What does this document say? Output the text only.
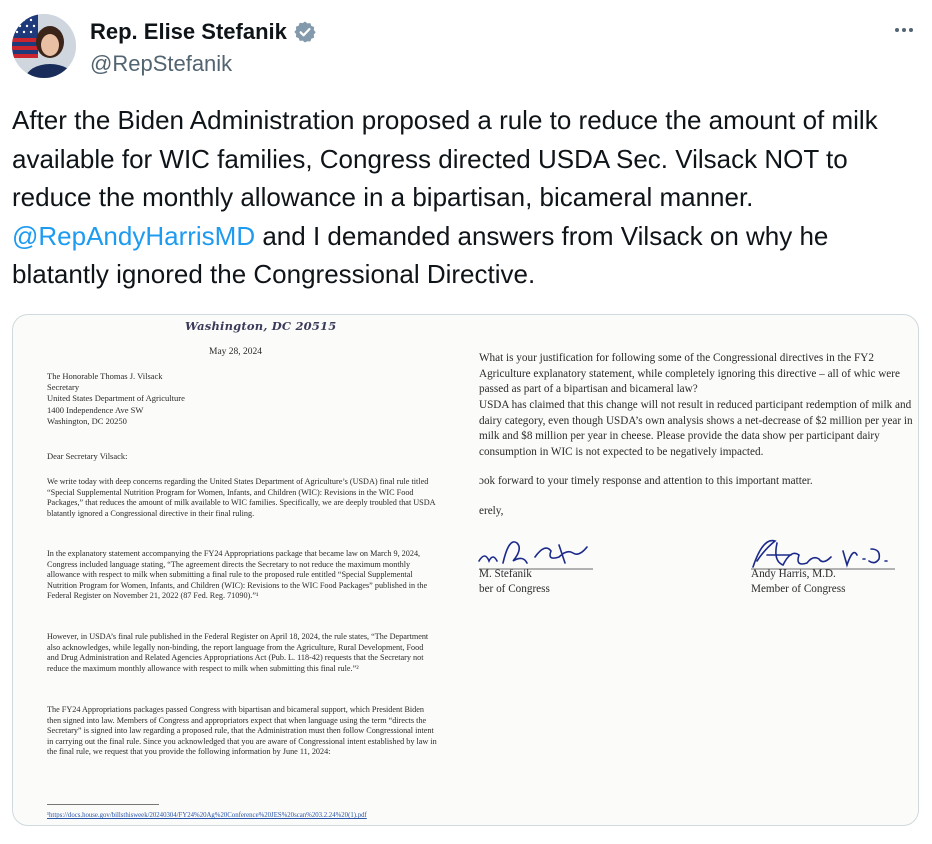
Rep. Elise Stefanik
@RepStefanik
After the Biden Administration proposed a rule to reduce the amount of milk available for WIC families, Congress directed USDA Sec. Vilsack NOT to reduce the monthly allowance in a bipartisan, bicameral manner. @RepAndyHarrisMD and I demanded answers from Vilsack on why he blatantly ignored the Congressional Directive.
Washington, DC 20515
May 28, 2024
The Honorable Thomas J. Vilsack
Secretary
United States Department of Agriculture
1400 Independence Ave SW
Washington, DC 20250
Dear Secretary Vilsack:
We write today with deep concerns regarding the United States Department of Agriculture’s (USDA) final rule titled “Special Supplemental Nutrition Program for Women, Infants, and Children (WIC): Revisions in the WIC Food Packages,” that reduces the amount of milk available to WIC families. Specifically, we are deeply troubled that USDA blatantly ignored a Congressional directive in their final ruling.
In the explanatory statement accompanying the FY24 Appropriations package that became law on March 9, 2024, Congress included language stating, “The agreement directs the Secretary to not reduce the maximum monthly allowance with respect to milk when submitting a final rule to the proposed rule entitled “Special Supplemental Nutrition Program for Women, Infants, and Children (WIC): Revisions to the WIC Food Packages” published in the Federal Register on November 21, 2022 (87 Fed. Reg. 71090).”¹
However, in USDA’s final rule published in the Federal Register on April 18, 2024, the rule states, “The Department also acknowledges, while legally non-binding, the report language from the Agriculture, Rural Development, Food and Drug Administration and Related Agencies Appropriations Act (Pub. L. 118-42) requests that the Secretary not reduce the maximum monthly allowance with respect to milk when submitting this final rule.”²
The FY24 Appropriations packages passed Congress with bipartisan and bicameral support, which President Biden then signed into law. Members of Congress and appropriators expect that when language using the term “directs the Secretary” is signed into law regarding a proposed rule, that the Administration must then follow Congressional intent in carrying out the final rule. Since you acknowledged that you are aware of Congressional intent established by law in the final rule, we request that you provide the following information by June 11, 2024:
¹https://docs.house.gov/billsthisweek/20240304/FY24%20Ag%20Conference%20JES%20scan%203.2.24%20(1).pdf
What is your justification for following some of the Congressional directives in the FY2 Agriculture explanatory statement, while completely ignoring this directive – all of whic were passed as part of a bipartisan and bicameral law?
USDA has claimed that this change will not result in reduced participant redemption of milk and dairy category, even though USDA’s own analysis shows a net-decrease of $2 million per year in milk and $8 million per year in cheese. Please provide the data show per participant dairy consumption in WIC is not expected to be negatively impacted.
ɔok forward to your timely response and attention to this important matter.
erely,
M. Stefanik
ber of Congress
Andy Harris, M.D.
Member of Congress
